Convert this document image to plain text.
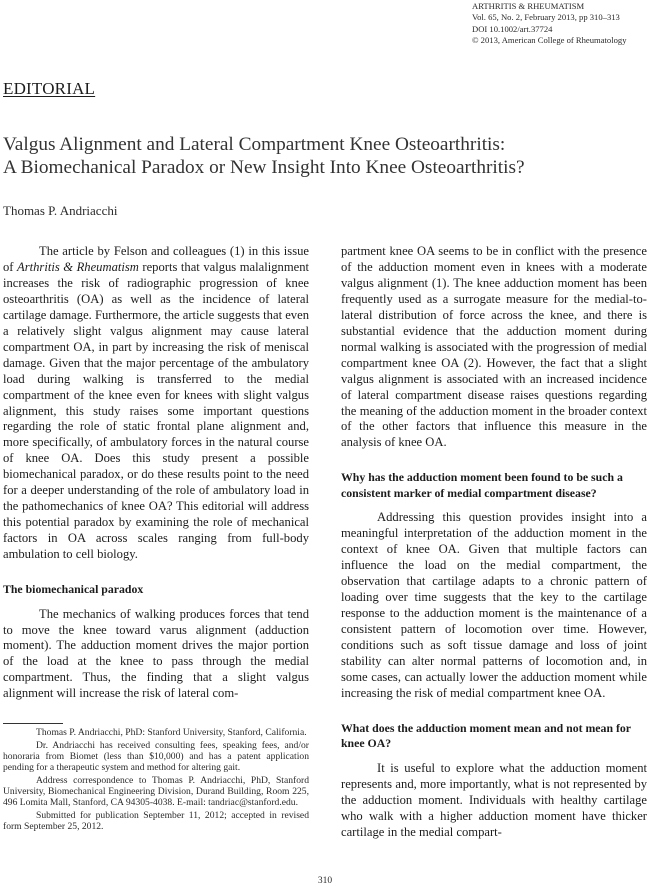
ARTHRITIS & RHEUMATISM
Vol. 65, No. 2, February 2013, pp 310–313
DOI 10.1002/art.37724
© 2013, American College of Rheumatology
EDITORIAL
Valgus Alignment and Lateral Compartment Knee Osteoarthritis:
A Biomechanical Paradox or New Insight Into Knee Osteoarthritis?
Thomas P. Andriacchi

The article by Felson and colleagues (1) in this issue of Arthritis & Rheumatism reports that valgus malalignment increases the risk of radiographic progression of knee osteoarthritis (OA) as well as the incidence of lateral cartilage damage. Furthermore, the article suggests that even a relatively slight valgus alignment may cause lateral compartment OA, in part by increasing the risk of meniscal damage. Given that the major percentage of the ambulatory load during walking is transferred to the medial compartment of the knee even for knees with slight valgus alignment, this study raises some important questions regarding the role of static frontal plane alignment and, more specifically, of ambulatory forces in the natural course of knee OA. Does this study present a possible biomechanical paradox, or do these results point to the need for a deeper understanding of the role of ambulatory load in the pathomechanics of knee OA? This editorial will address this potential paradox by examining the role of mechanical factors in OA across scales ranging from full-body ambulation to cell biology.

The biomechanical paradox

The mechanics of walking produces forces that tend to move the knee toward varus alignment (adduction moment). The adduction moment drives the major portion of the load at the knee to pass through the medial compartment. Thus, the finding that a slight valgus alignment will increase the risk of lateral com-

Thomas P. Andriacchi, PhD: Stanford University, Stanford, California.

Dr. Andriacchi has received consulting fees, speaking fees, and/or honoraria from Biomet (less than $10,000) and has a patent application pending for a therapeutic system and method for altering gait.

Address correspondence to Thomas P. Andriacchi, PhD, Stanford University, Biomechanical Engineering Division, Durand Building, Room 225, 496 Lomita Mall, Stanford, CA 94305-4038. E-mail: tandriac@stanford.edu.

Submitted for publication September 11, 2012; accepted in revised form September 25, 2012.

partment knee OA seems to be in conflict with the presence of the adduction moment even in knees with a moderate valgus alignment (1). The knee adduction moment has been frequently used as a surrogate measure for the medial-to-lateral distribution of force across the knee, and there is substantial evidence that the adduction moment during normal walking is associated with the progression of medial compartment knee OA (2). However, the fact that a slight valgus alignment is associated with an increased incidence of lateral compartment disease raises questions regarding the meaning of the adduction moment in the broader context of the other factors that influence this measure in the analysis of knee OA.

Why has the adduction moment been found to be such a consistent marker of medial compartment disease?

Addressing this question provides insight into a meaningful interpretation of the adduction moment in the context of knee OA. Given that multiple factors can influence the load on the medial compartment, the observation that cartilage adapts to a chronic pattern of loading over time suggests that the key to the cartilage response to the adduction moment is the maintenance of a consistent pattern of locomotion over time. However, conditions such as soft tissue damage and loss of joint stability can alter normal patterns of locomotion and, in some cases, can actually lower the adduction moment while increasing the risk of medial compartment knee OA.

What does the adduction moment mean and not mean for knee OA?

It is useful to explore what the adduction moment represents and, more importantly, what is not represented by the adduction moment. Individuals with healthy cartilage who walk with a higher adduction moment have thicker cartilage in the medial compart-

310
